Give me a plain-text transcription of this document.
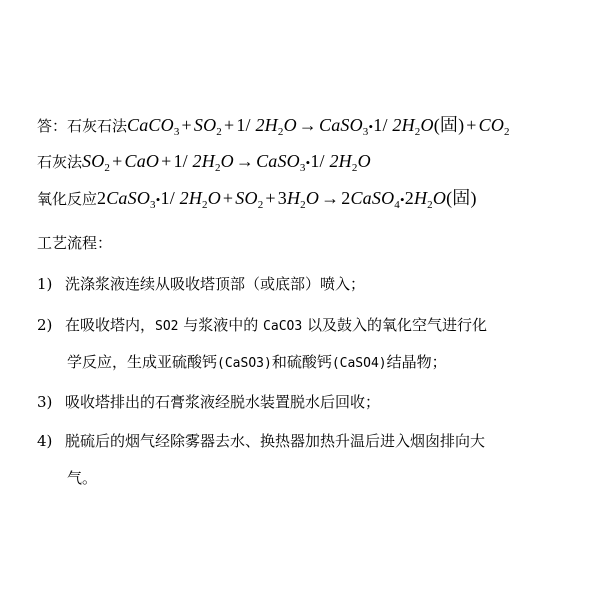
答：石灰石法CaCO$_3$ + $SO_2 + 1/$ $2H_2O$ → CaSO$_3$•1/ $2H_2O$(固) + $CO_2$
石灰法$SO_2$ + CaO + 1/ $2H_2O$ → CaSO$_3$•1/ $2H_2O$
氧化反应2CaSO$_3$•1/ $2H_2O + SO_2 + 3H_2O$ → $2CaSO_4•2H_2O$(固)
工艺流程：
1) 洗涤浆液连续从吸收塔顶部（或底部）喷入；
2) 在吸收塔内，SO2 与浆液中的 CaCO3 以及鼓入的氧化空气进行化
学反应，生成亚硫酸钙(CaSO3)和硫酸钙(CaSO4)结晶物；
3) 吸收塔排出的石膏浆液经脱水装置脱水后回收；
4) 脱硫后的烟气经除雾器去水、换热器加热升温后进入烟囱排向大
气。
